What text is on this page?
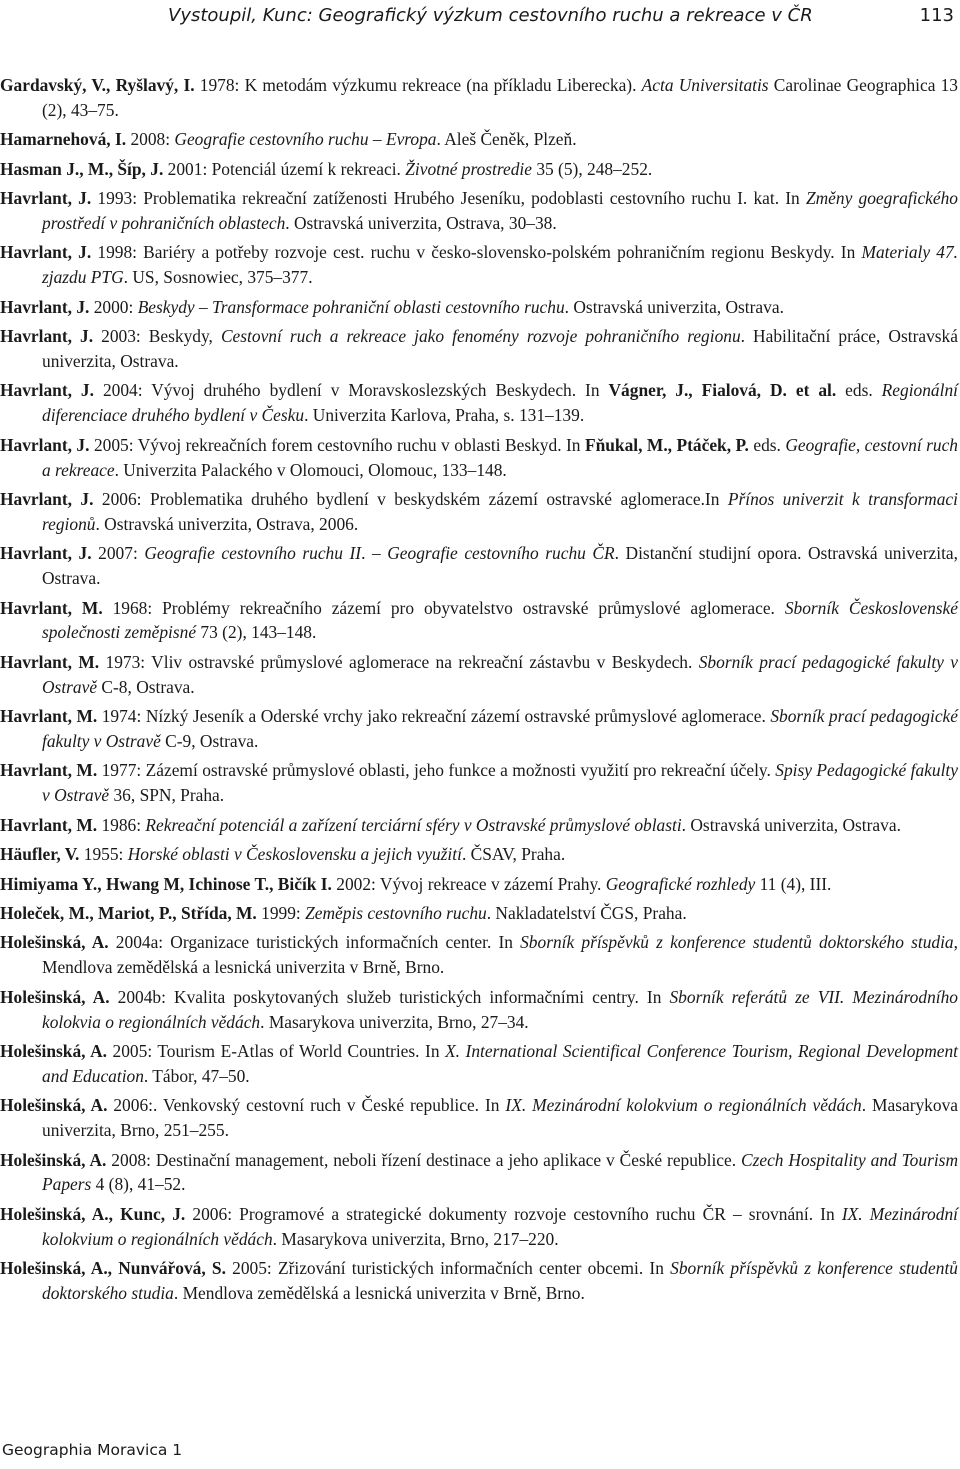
Vystoupil, Kunc: Geografický výzkum cestovního ruchu a rekreace v ČR	113
Gardavský, V., Ryšlavý, I. 1978: K metodám výzkumu rekreace (na příkladu Liberecka). Acta Universitatis Carolinae Geographica 13 (2), 43–75.
Hamarnehová, I. 2008: Geografie cestovního ruchu – Evropa. Aleš Čeněk, Plzeň.
Hasman J., M., Šíp, J. 2001: Potenciál území k rekreaci. Životné prostredie 35 (5), 248–252.
Havrlant, J. 1993: Problematika rekreační zatíženosti Hrubého Jeseníku, podoblasti cestovního ruchu I. kat. In Změny goegrafického prostředí v pohraničních oblastech. Ostravská univerzita, Ostrava, 30–38.
Havrlant, J. 1998: Bariéry a potřeby rozvoje cest. ruchu v česko-slovensko-polském pohraničním regionu Beskydy. In Materialy 47. zjazdu PTG. US, Sosnowiec, 375–377.
Havrlant, J. 2000: Beskydy – Transformace pohraniční oblasti cestovního ruchu. Ostravská univerzita, Ostrava.
Havrlant, J. 2003: Beskydy, Cestovní ruch a rekreace jako fenomény rozvoje pohraničního regionu. Habilitační práce, Ostravská univerzita, Ostrava.
Havrlant, J. 2004: Vývoj druhého bydlení v Moravskoslezských Beskydech. In Vágner, J., Fialová, D. et al. eds. Regionální diferenciace druhého bydlení v Česku. Univerzita Karlova, Praha, s. 131–139.
Havrlant, J. 2005: Vývoj rekreačních forem cestovního ruchu v oblasti Beskyd. In Fňukal, M., Ptáček, P. eds. Geografie, cestovní ruch a rekreace. Univerzita Palackého v Olomouci, Olomouc, 133–148.
Havrlant, J. 2006: Problematika druhého bydlení v beskydském zázemí ostravské aglomerace.In Přínos univerzit k transformaci regionů. Ostravská univerzita, Ostrava, 2006.
Havrlant, J. 2007: Geografie cestovního ruchu II. – Geografie cestovního ruchu ČR. Distanční studijní opora. Ostravská univerzita, Ostrava.
Havrlant, M. 1968: Problémy rekreačního zázemí pro obyvatelstvo ostravské průmyslové aglomerace. Sborník Československé společnosti zeměpisné 73 (2), 143–148.
Havrlant, M. 1973: Vliv ostravské průmyslové aglomerace na rekreační zástavbu v Beskydech. Sborník prací pedagogické fakulty v Ostravě C-8, Ostrava.
Havrlant, M. 1974: Nízký Jeseník a Oderské vrchy jako rekreační zázemí ostravské průmyslové aglomerace. Sborník prací pedagogické fakulty v Ostravě C-9, Ostrava.
Havrlant, M. 1977: Zázemí ostravské průmyslové oblasti, jeho funkce a možnosti využití pro rekreační účely. Spisy Pedagogické fakulty v Ostravě 36, SPN, Praha.
Havrlant, M. 1986: Rekreační potenciál a zařízení terciární sféry v Ostravské průmyslové oblasti. Ostravská univerzita, Ostrava.
Häufler, V. 1955: Horské oblasti v Československu a jejich využití. ČSAV, Praha.
Himiyama Y., Hwang M, Ichinose T., Bičík I. 2002: Vývoj rekreace v zázemí Prahy. Geografické rozhledy 11 (4), III.
Holeček, M., Mariot, P., Střída, M. 1999: Zeměpis cestovního ruchu. Nakladatelství ČGS, Praha.
Holešinská, A. 2004a: Organizace turistických informačních center. In Sborník příspěvků z konference studentů doktorského studia, Mendlova zemědělská a lesnická univerzita v Brně, Brno.
Holešinská, A. 2004b: Kvalita poskytovaných služeb turistických informačními centry. In Sborník referátů ze VII. Mezinárodního kolokvia o regionálních vědách. Masarykova univerzita, Brno, 27–34.
Holešinská, A. 2005: Tourism E-Atlas of World Countries. In X. International Scientifical Conference Tourism, Regional Development and Education. Tábor, 47–50.
Holešinská, A. 2006:. Venkovský cestovní ruch v České republice. In IX. Mezinárodní kolokvium o regionálních vědách. Masarykova univerzita, Brno, 251–255.
Holešinská, A. 2008: Destinační management, neboli řízení destinace a jeho aplikace v České republice. Czech Hospitality and Tourism Papers 4 (8), 41–52.
Holešinská, A., Kunc, J. 2006: Programové a strategické dokumenty rozvoje cestovního ruchu ČR – srovnání. In IX. Mezinárodní kolokvium o regionálních vědách. Masarykova univerzita, Brno, 217–220.
Holešinská, A., Nunvářová, S. 2005: Zřizování turistických informačních center obcemi. In Sborník příspěvků z konference studentů doktorského studia. Mendlova zemědělská a lesnická univerzita v Brně, Brno.
Geographia Moravica 1
